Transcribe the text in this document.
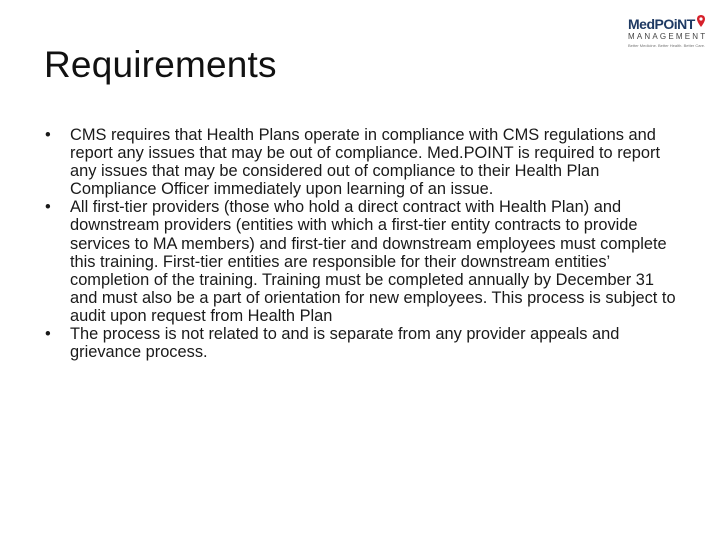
MedPOiNT
MANAGEMENT
Better Medicine. Better Health. Better Care.
Requirements
• CMS requires that Health Plans operate in compliance with CMS regulations and report any issues that may be out of compliance. Med.POINT is required to report any issues that may be considered out of compliance to their Health Plan Compliance Officer immediately upon learning of an issue.
• All first-tier providers (those who hold a direct contract with Health Plan) and downstream providers (entities with which a first-tier entity contracts to provide services to MA members) and first-tier and downstream employees must complete this training. First-tier entities are responsible for their downstream entities’ completion of the training. Training must be completed annually by December 31 and must also be a part of orientation for new employees. This process is subject to audit upon request from Health Plan
• The process is not related to and is separate from any provider appeals and grievance process.
